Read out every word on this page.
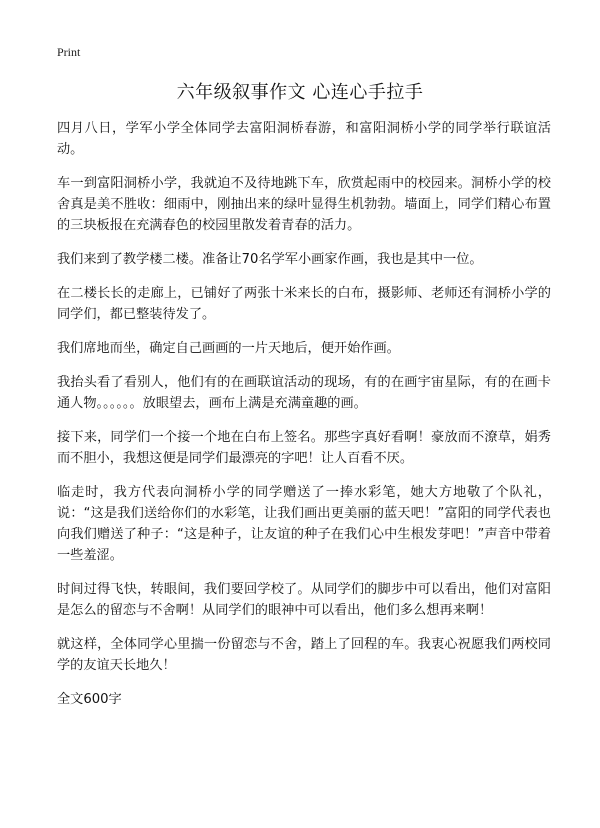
Print
六年级叙事作文 心连心手拉手

四月八日，学军小学全体同学去富阳洞桥春游，和富阳洞桥小学的同学举行联谊活动。

车一到富阳洞桥小学，我就迫不及待地跳下车，欣赏起雨中的校园来。洞桥小学的校舍真是美不胜收：细雨中，刚抽出来的绿叶显得生机勃勃。墙面上，同学们精心布置的三块板报在充满春色的校园里散发着青春的活力。

我们来到了教学楼二楼。准备让70名学军小画家作画，我也是其中一位。

在二楼长长的走廊上，已铺好了两张十米来长的白布，摄影师、老师还有洞桥小学的同学们，都已整装待发了。

我们席地而坐，确定自己画画的一片天地后，便开始作画。

我抬头看了看别人，他们有的在画联谊活动的现场，有的在画宇宙星际，有的在画卡通人物。。。。。。放眼望去，画布上满是充满童趣的画。

接下来，同学们一个接一个地在白布上签名。那些字真好看啊！豪放而不潦草，娟秀而不胆小，我想这便是同学们最漂亮的字吧！让人百看不厌。

临走时，我方代表向洞桥小学的同学赠送了一捧水彩笔，她大方地敬了个队礼，说：“这是我们送给你们的水彩笔，让我们画出更美丽的蓝天吧！”富阳的同学代表也向我们赠送了种子：“这是种子，让友谊的种子在我们心中生根发芽吧！”声音中带着一些羞涩。

时间过得飞快，转眼间，我们要回学校了。从同学们的脚步中可以看出，他们对富阳是怎么的留恋与不舍啊！从同学们的眼神中可以看出，他们多么想再来啊！

就这样，全体同学心里揣一份留恋与不舍，踏上了回程的车。我衷心祝愿我们两校同学的友谊天长地久！

全文600字
